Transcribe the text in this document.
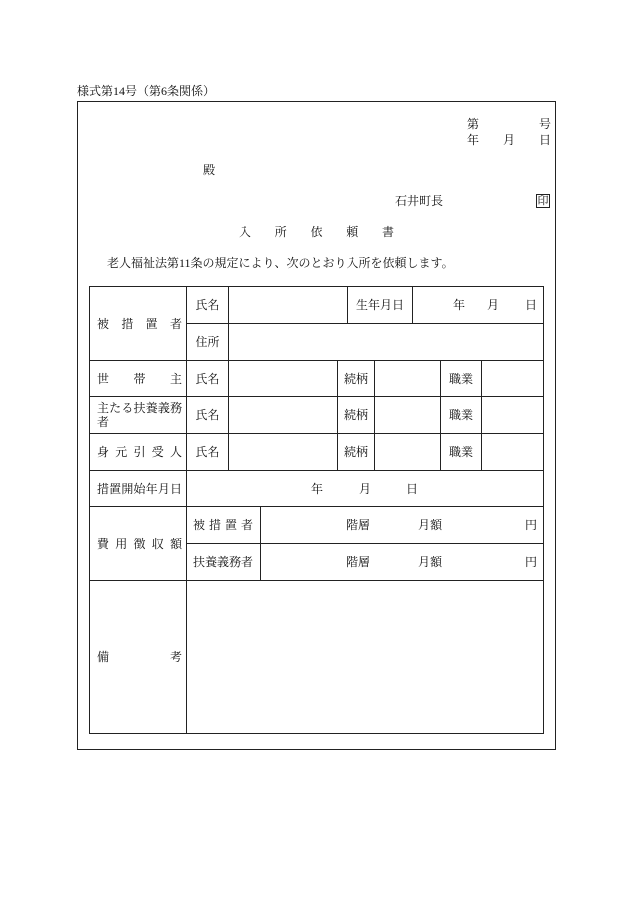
様式第14号（第6条関係）
第	号
年 月 日
殿
石井町長	印
入所依頼書
老人福祉法第11条の規定により、次のとおり入所を依頼します。
被措置者
氏名	生年月日	年 月 日
住所
世帯主	氏名	続柄	職業
主たる扶養義務者	氏名	続柄	職業
身元引受人	氏名	続柄	職業
措置開始年月日	年	月	日
費用徴収額
被措置者	階層	月額	円
扶養義務者	階層	月額	円
備考
